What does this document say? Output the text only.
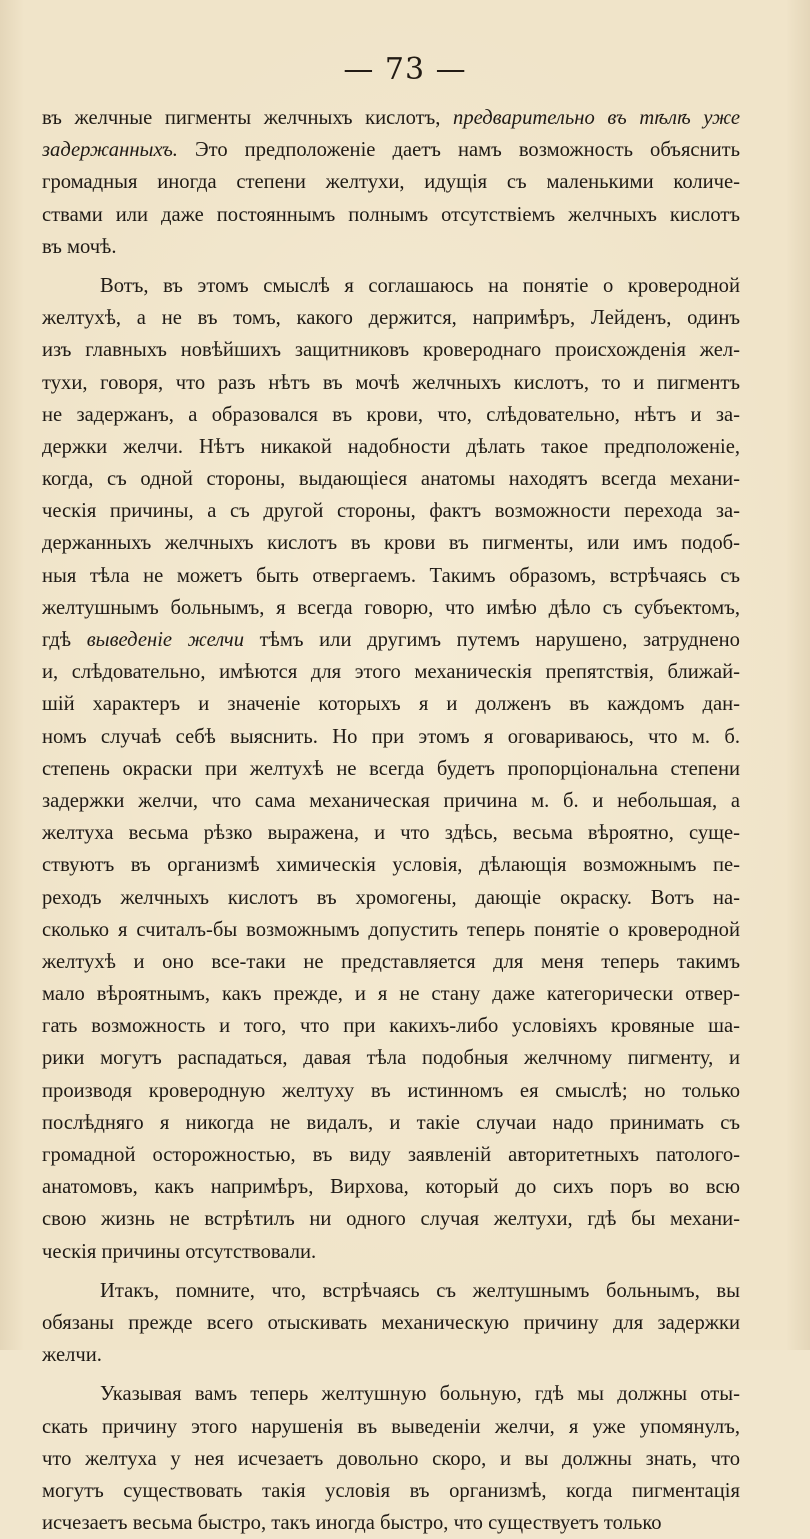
— 73 —
въ желчные пигменты желчныхъ кислотъ, предварительно въ тѣлѣ уже
задержанныхъ. Это предположенiе даетъ намъ возможность объяснить
громадныя иногда степени желтухи, идущiя съ маленькими количе-
ствами или даже постояннымъ полнымъ отсутствiемъ желчныхъ кислотъ
въ мочѣ.
Вотъ, въ этомъ смыслѣ я соглашаюсь на понятiе о кроверодной
желтухѣ, а не въ томъ, какого держится, напримѣръ, Лейденъ, одинъ
изъ главныхъ новѣйшихъ защитниковъ кровероднаго происхожденiя жел-
тухи, говоря, что разъ нѣтъ въ мочѣ желчныхъ кислотъ, то и пигментъ
не задержанъ, а образовался въ крови, что, слѣдовательно, нѣтъ и за-
держки желчи. Нѣтъ никакой надобности дѣлать такое предположенiе,
когда, съ одной стороны, выдающiеся анатомы находятъ всегда механи-
ческiя причины, а съ другой стороны, фактъ возможности перехода за-
держанныхъ желчныхъ кислотъ въ крови въ пигменты, или имъ подоб-
ныя тѣла не можетъ быть отвергаемъ. Такимъ образомъ, встрѣчаясь съ
желтушнымъ больнымъ, я всегда говорю, что имѣю дѣло съ субъектомъ,
гдѣ выведенiе желчи тѣмъ или другимъ путемъ нарушено, затруднено
и, слѣдовательно, имѣются для этого механическiя препятствiя, ближай-
шiй характеръ и значенiе которыхъ я и долженъ въ каждомъ дан-
номъ случаѣ себѣ выяснить. Но при этомъ я оговариваюсь, что м. б.
степень окраски при желтухѣ не всегда будетъ пропорцiональна степени
задержки желчи, что сама механическая причина м. б. и небольшая, а
желтуха весьма рѣзко выражена, и что здѣсь, весьма вѣроятно, суще-
ствуютъ въ организмѣ химическiя условiя, дѣлающiя возможнымъ пе-
реходъ желчныхъ кислотъ въ хромогены, дающiе окраску. Вотъ на-
сколько я считалъ-бы возможнымъ допустить теперь понятiе о кроверодной
желтухѣ и оно все-таки не представляется для меня теперь такимъ
мало вѣроятнымъ, какъ прежде, и я не стану даже категорически отвер-
гать возможность и того, что при какихъ-либо условiяхъ кровяные ша-
рики могутъ распадаться, давая тѣла подобныя желчному пигменту, и
производя кроверодную желтуху въ истинномъ ея смыслѣ; но только
послѣдняго я никогда не видалъ, и такiе случаи надо принимать съ
громадной осторожностью, въ виду заявленiй авторитетныхъ патолого-
анатомовъ, какъ напримѣръ, Вирхова, который до сихъ поръ во всю
свою жизнь не встрѣтилъ ни одного случая желтухи, гдѣ бы механи-
ческiя причины отсутствовали.
Итакъ, помните, что, встрѣчаясь съ желтушнымъ больнымъ, вы
обязаны прежде всего отыскивать механическую причину для задержки
желчи.
Указывая вамъ теперь желтушную больную, гдѣ мы должны оты-
скать причину этого нарушенiя въ выведенiи желчи, я уже упомянулъ,
что желтуха у нея исчезаетъ довольно скоро, и вы должны знать, что
могутъ существовать такiя условiя въ организмѣ, когда пигментацiя
исчезаетъ весьма быстро, такъ иногда быстро, что существуетъ только
